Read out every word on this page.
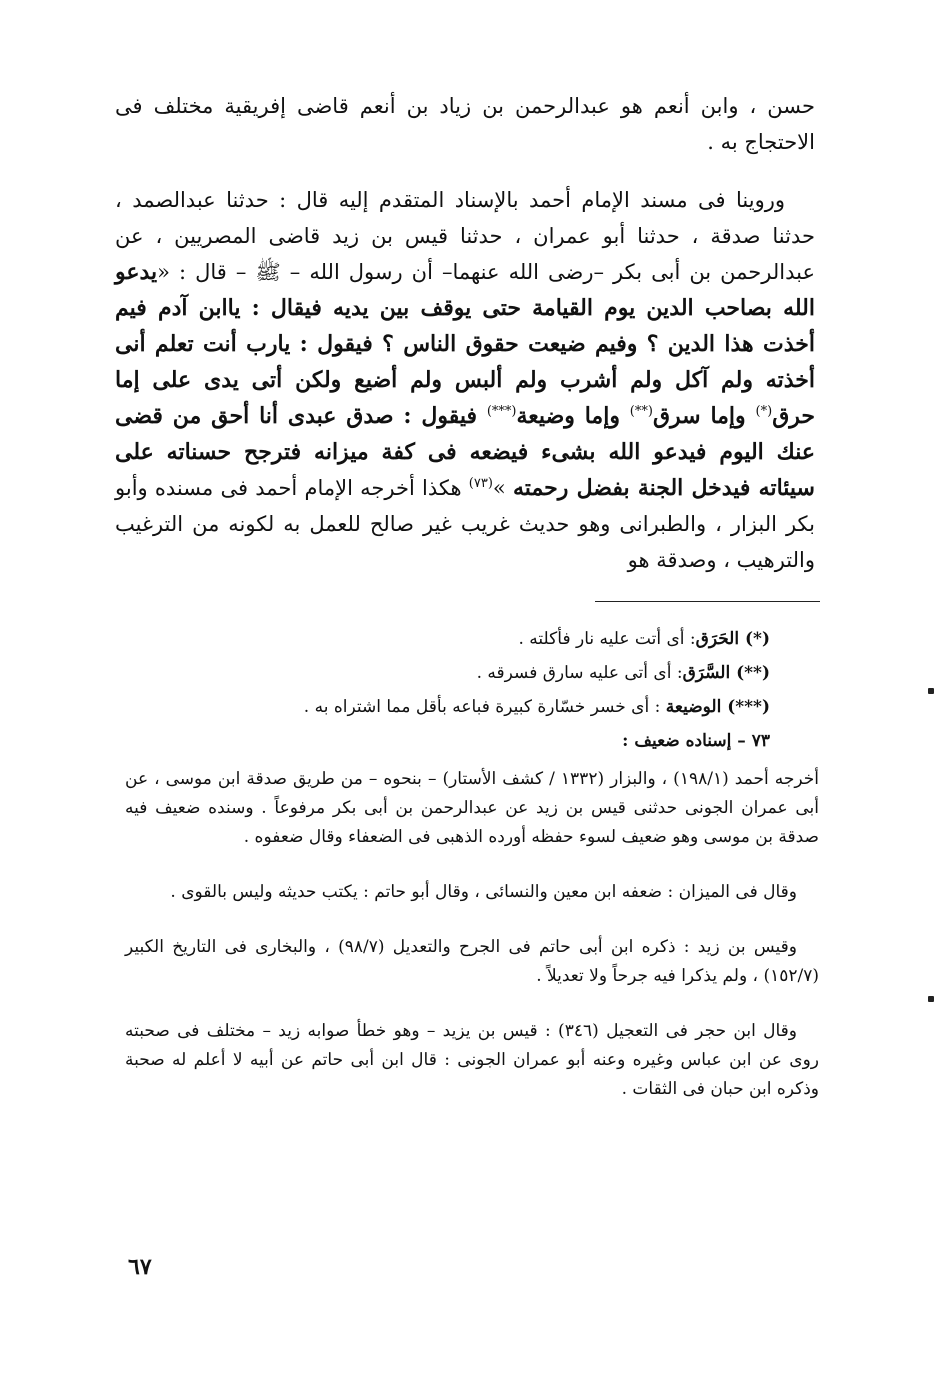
حسن ، وابن أنعم هو عبدالرحمن بن زياد بن أنعم قاضى إفريقية مختلف فى الاحتجاج به .

وروينا فى مسند الإمام أحمد بالإسناد المتقدم إليه قال : حدثنا عبدالصمد ، حدثنا صدقة ، حدثنا أبو عمران ، حدثنا قيس بن زيد قاضى المصريين ، عن عبدالرحمن بن أبى بكر –رضى الله عنهما– أن رسول الله – ﷺ – قال : «يدعو الله بصاحب الدين يوم القيامة حتى يوقف بين يديه فيقال : ياابن آدم فيم أخذت هذا الدين ؟ وفيم ضيعت حقوق الناس ؟ فيقول : يارب أنت تعلم أنى أخذته ولم آكل ولم أشرب ولم ألبس ولم أضيع ولكن أتى يدى على إما حرق(*) وإما سرق(**) وإما وضيعة(***) فيقول : صدق عبدى أنا أحق من قضى عنك اليوم فيدعو الله بشىء فيضعه فى كفة ميزانه فترجح حسناته على سيئاته فيدخل الجنة بفضل رحمته »$^{(٧٣)}$ هكذا أخرجه الإمام أحمد فى مسنده وأبو بكر البزار ، والطبرانى وهو حديث غريب غير صالح للعمل به لكونه من الترغيب والترهيب ، وصدقة هو

(*) الحَرَق: أى أتت عليه نار فأكلته .

(**) السَّرَق: أى أتى عليه سارق فسرقه .

(***) الوضيعة : أى خسر خسّارة كبيرة فباعه بأقل مما اشتراه به .

٧٣ – إسناده ضعيف :

أخرجه أحمد (١٩٨/١) ، والبزار (١٣٣٢ / كشف الأستار) – بنحوه – من طريق صدقة ابن موسى ، عن أبى عمران الجونى حدثنى قيس بن زيد عن عبدالرحمن بن أبى بكر مرفوعاً . وسنده ضعيف فيه صدقة بن موسى وهو ضعيف لسوء حفظه أورده الذهبى فى الضعفاء وقال ضعفوه .

وقال فى الميزان : ضعفه ابن معين والنسائى ، وقال أبو حاتم : يكتب حديثه وليس بالقوى .

وقيس بن زيد : ذكره ابن أبى حاتم فى الجرح والتعديل (٩٨/٧) ، والبخارى فى التاريخ الكبير (١٥٢/٧) ، ولم يذكرا فيه جرحاً ولا تعديلاً .

وقال ابن حجر فى التعجيل (٣٤٦) : قيس بن يزيد – وهو خطأ صوابه زيد – مختلف فى صحبته روى عن ابن عباس وغيره وعنه أبو عمران الجونى : قال ابن أبى حاتم عن أبيه لا أعلم له صحبة وذكره ابن حبان فى الثقات .

٦٧
